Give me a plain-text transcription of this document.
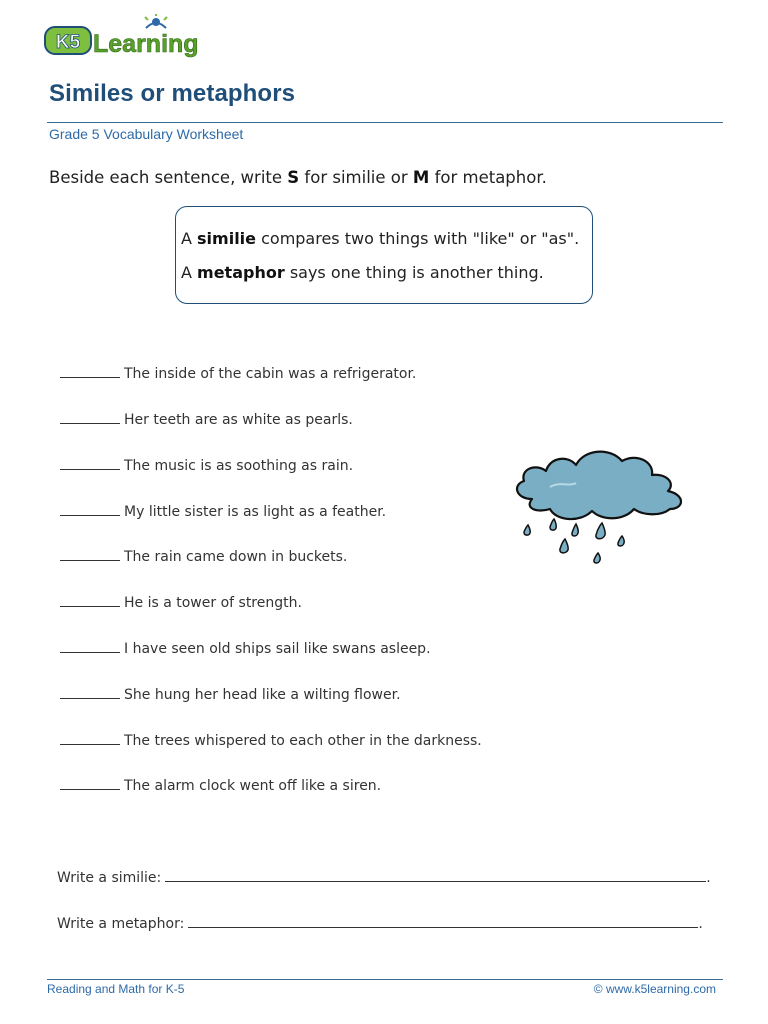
K5 Learning
Similes or metaphors
Grade 5 Vocabulary Worksheet
Beside each sentence, write S for similie or M for metaphor.
A similie compares two things with "like" or "as".
A metaphor says one thing is another thing.
The inside of the cabin was a refrigerator.
Her teeth are as white as pearls.
The music is as soothing as rain.
My little sister is as light as a feather.
The rain came down in buckets.
He is a tower of strength.
I have seen old ships sail like swans asleep.
She hung her head like a wilting flower.
The trees whispered to each other in the darkness.
The alarm clock went off like a siren.
Write a similie:	.
Write a metaphor:	.
Reading and Math for K-5	© www.k5learning.com
